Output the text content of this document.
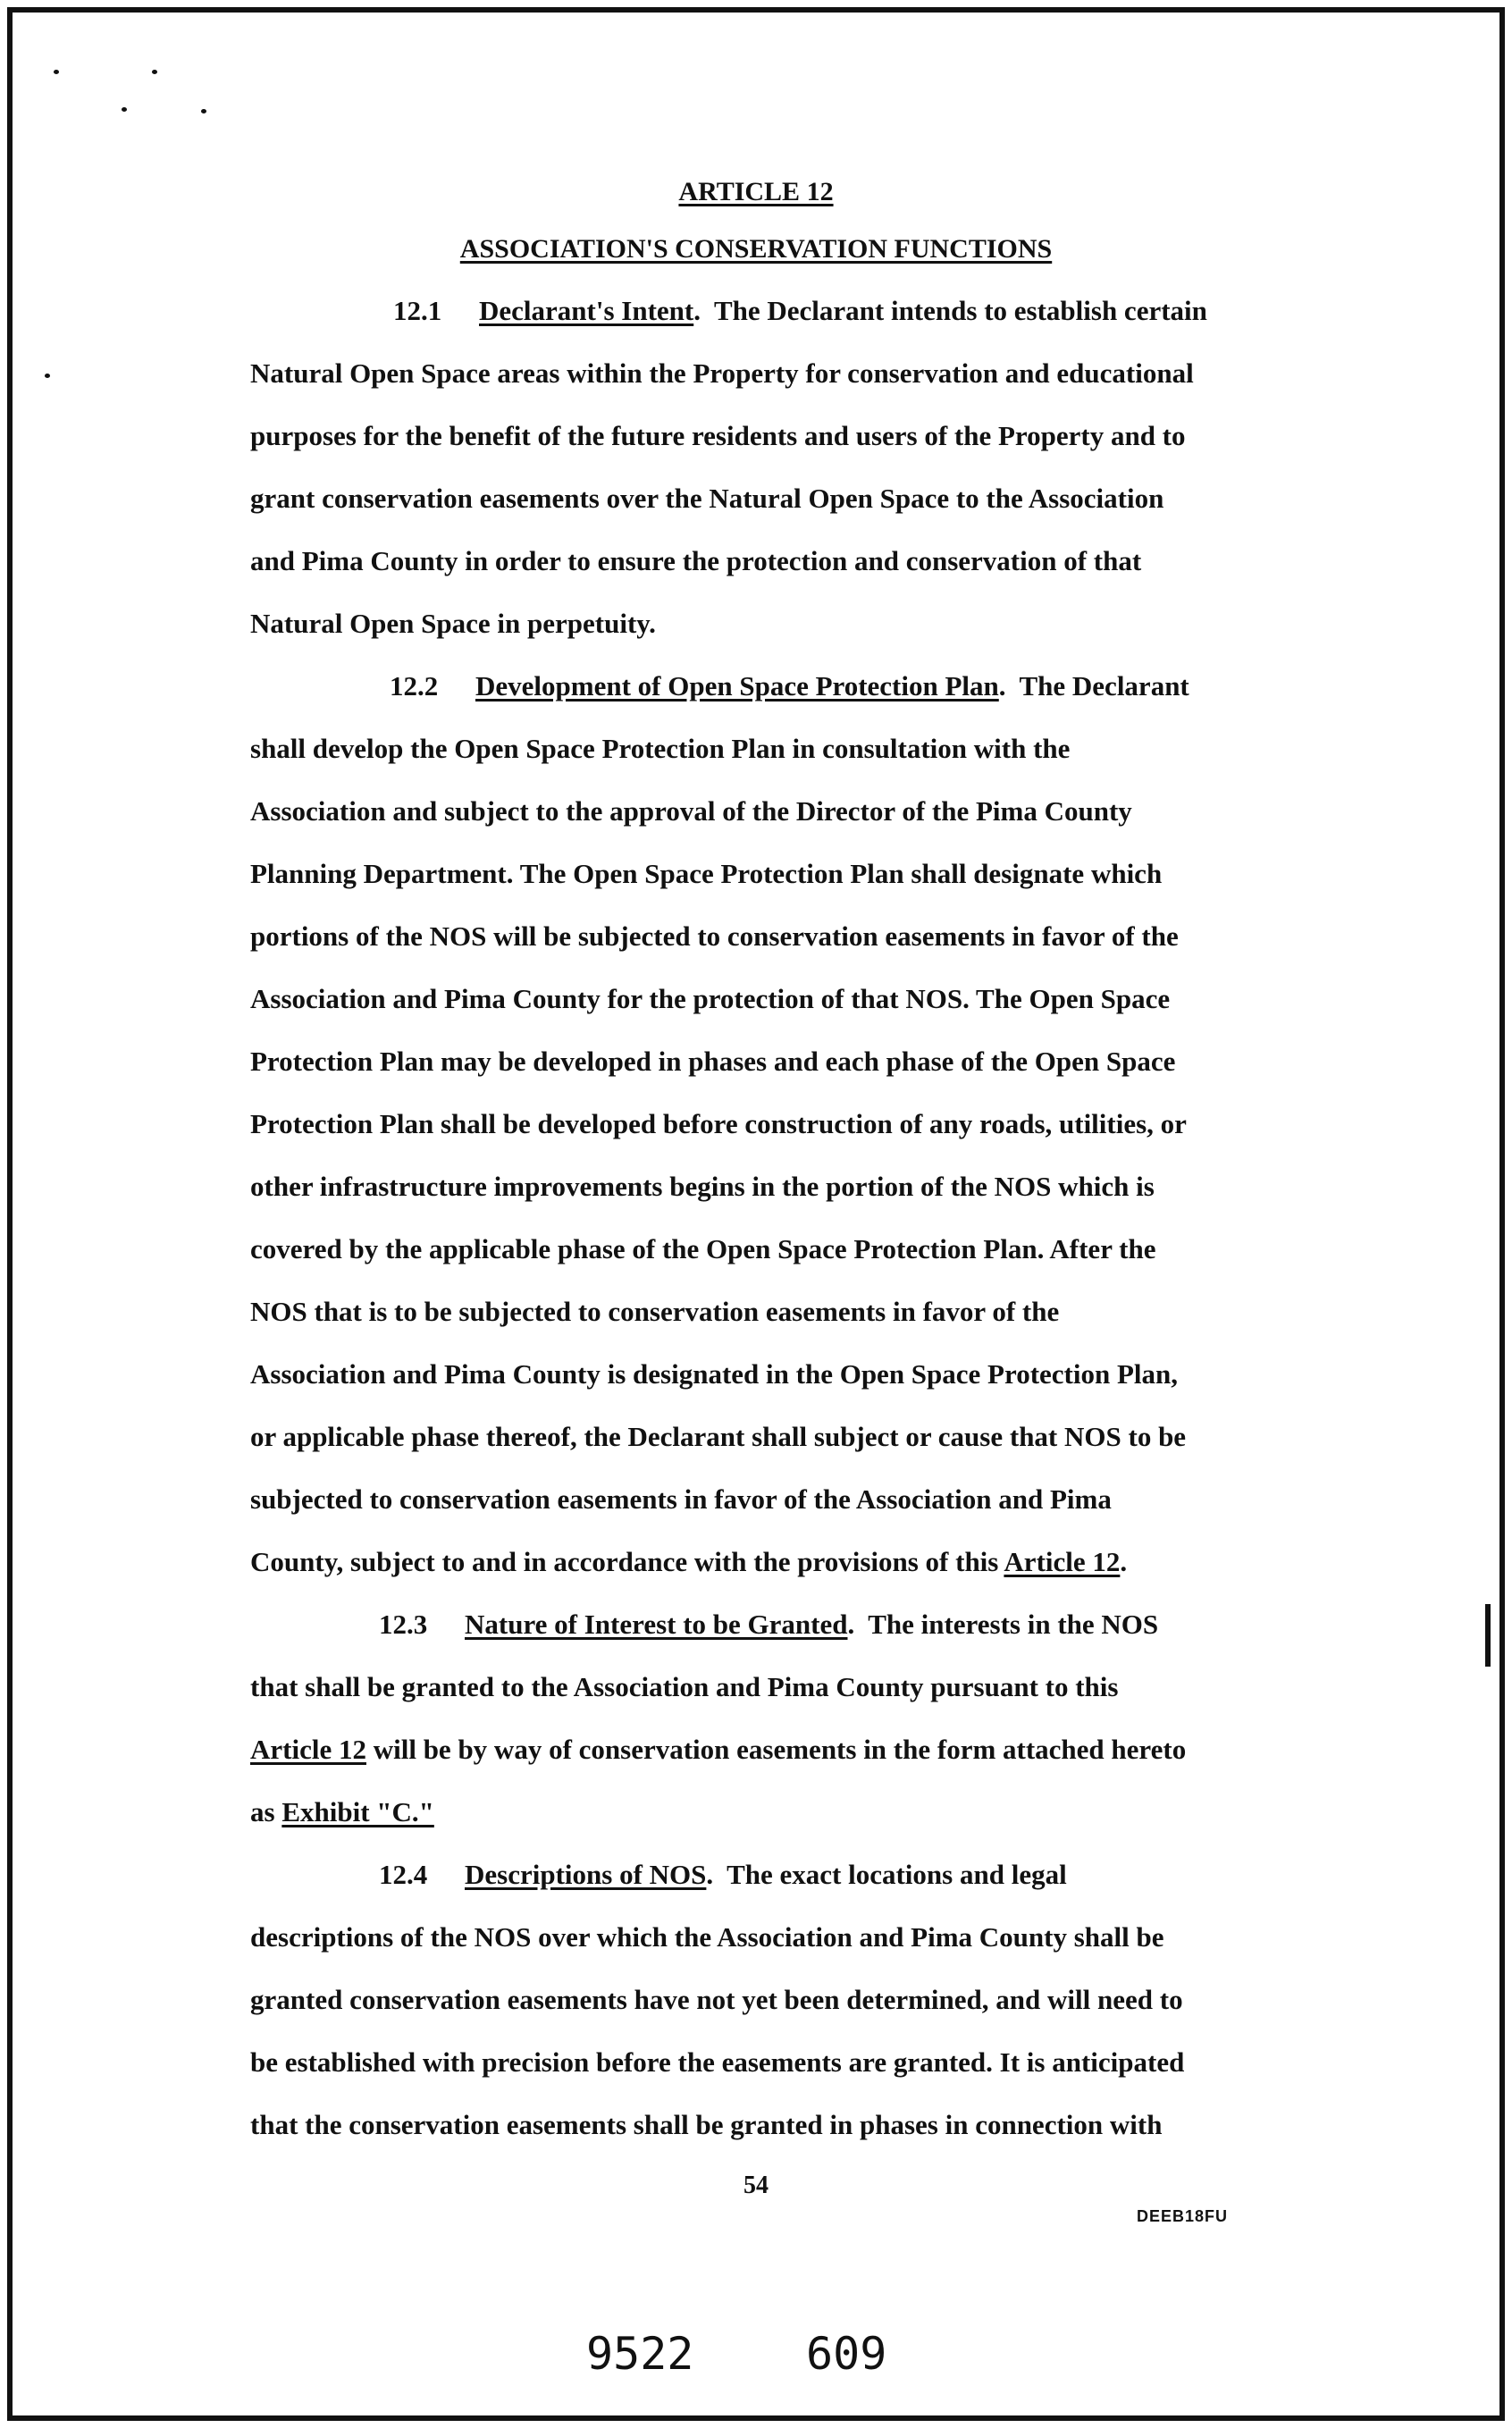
ARTICLE 12
ASSOCIATION'S CONSERVATION FUNCTIONS
12.1 Declarant's Intent.  The Declarant intends to establish certain
Natural Open Space areas within the Property for conservation and educational
purposes for the benefit of the future residents and users of the Property and to
grant conservation easements over the Natural Open Space to the Association
and Pima County in order to ensure the protection and conservation of that
Natural Open Space in perpetuity.
12.2 Development of Open Space Protection Plan.  The Declarant
shall develop the Open Space Protection Plan in consultation with the
Association and subject to the approval of the Director of the Pima County
Planning Department. The Open Space Protection Plan shall designate which
portions of the NOS will be subjected to conservation easements in favor of the
Association and Pima County for the protection of that NOS. The Open Space
Protection Plan may be developed in phases and each phase of the Open Space
Protection Plan shall be developed before construction of any roads, utilities, or
other infrastructure improvements begins in the portion of the NOS which is
covered by the applicable phase of the Open Space Protection Plan. After the
NOS that is to be subjected to conservation easements in favor of the
Association and Pima County is designated in the Open Space Protection Plan,
or applicable phase thereof, the Declarant shall subject or cause that NOS to be
subjected to conservation easements in favor of the Association and Pima
County, subject to and in accordance with the provisions of this Article 12.
12.3 Nature of Interest to be Granted.  The interests in the NOS
that shall be granted to the Association and Pima County pursuant to this
Article 12 will be by way of conservation easements in the form attached hereto
as Exhibit "C."
12.4 Descriptions of NOS.  The exact locations and legal
descriptions of the NOS over which the Association and Pima County shall be
granted conservation easements have not yet been determined, and will need to
be established with precision before the easements are granted. It is anticipated
that the conservation easements shall be granted in phases in connection with
54
DEEB18FU
9522	609
